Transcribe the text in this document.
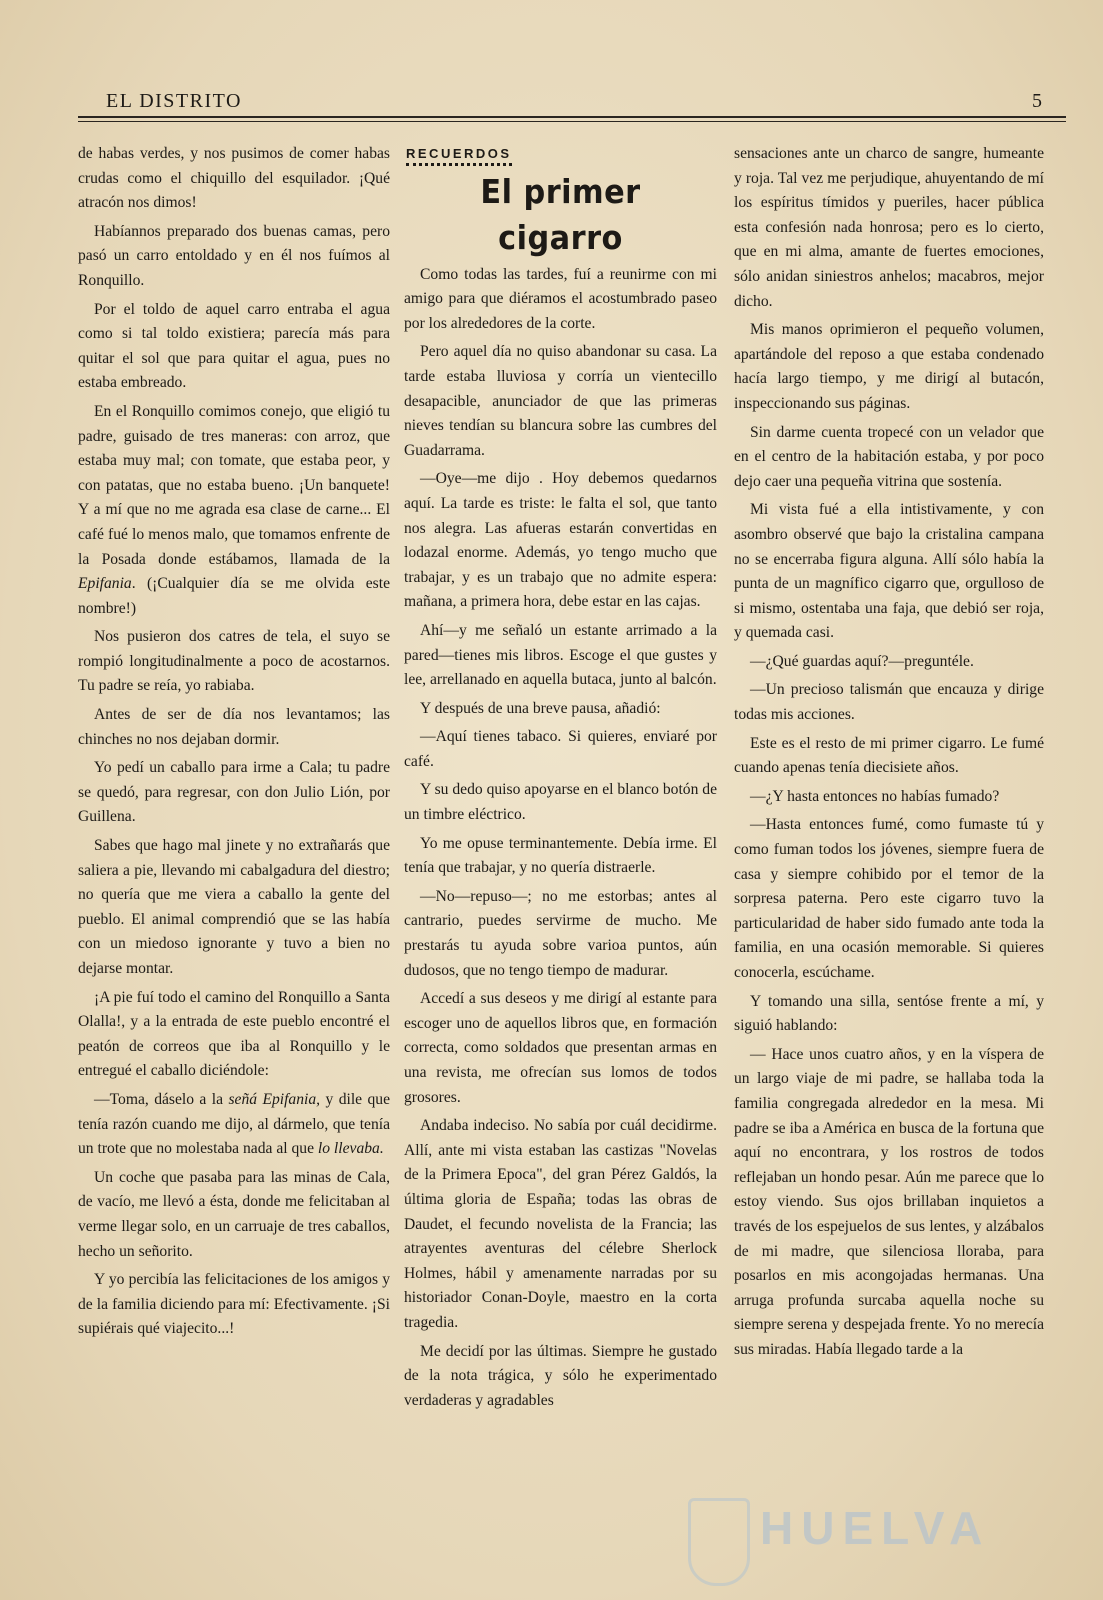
EL DISTRITO	5

de habas verdes, y nos pusimos de comer habas crudas como el chiquillo del esquilador. ¡Qué atracón nos dimos!

Habíannos preparado dos buenas camas, pero pasó un carro entoldado y en él nos fuímos al Ronquillo.

Por el toldo de aquel carro entraba el agua como si tal toldo existiera; parecía más para quitar el sol que para quitar el agua, pues no estaba embreado.

En el Ronquillo comimos conejo, que eligió tu padre, guisado de tres maneras: con arroz, que estaba muy mal; con tomate, que estaba peor, y con patatas, que no estaba bueno. ¡Un banquete! Y a mí que no me agrada esa clase de carne... El café fué lo menos malo, que tomamos enfrente de la Posada donde estábamos, llamada de la Epifania. (¡Cualquier día se me olvida este nombre!)

Nos pusieron dos catres de tela, el suyo se rompió longitudinalmente a poco de acostarnos. Tu padre se reía, yo rabiaba.

Antes de ser de día nos levantamos; las chinches no nos dejaban dormir.

Yo pedí un caballo para irme a Cala; tu padre se quedó, para regresar, con don Julio Lión, por Guillena.

Sabes que hago mal jinete y no extrañarás que saliera a pie, llevando mi cabalgadura del diestro; no quería que me viera a caballo la gente del pueblo. El animal comprendió que se las había con un miedoso ignorante y tuvo a bien no dejarse montar.

¡A pie fuí todo el camino del Ronquillo a Santa Olalla!, y a la entrada de este pueblo encontré el peatón de correos que iba al Ronquillo y le entregué el caballo diciéndole:

—Toma, dáselo a la señá Epifania, y dile que tenía razón cuando me dijo, al dármelo, que tenía un trote que no molestaba nada al que lo llevaba.

Un coche que pasaba para las minas de Cala, de vacío, me llevó a ésta, donde me felicitaban al verme llegar solo, en un carruaje de tres caballos, hecho un señorito.

Y yo percibía las felicitaciones de los amigos y de la familia diciendo para mí: Efectivamente. ¡Si supiérais qué viajecito...!

RECUERDOS
El primer cigarro

Como todas las tardes, fuí a reunirme con mi amigo para que diéramos el acostumbrado paseo por los alrededores de la corte.

Pero aquel día no quiso abandonar su casa. La tarde estaba lluviosa y corría un vientecillo desapacible, anunciador de que las primeras nieves tendían su blancura sobre las cumbres del Guadarrama.

—Oye—me dijo . Hoy debemos quedarnos aquí. La tarde es triste: le falta el sol, que tanto nos alegra. Las afueras estarán convertidas en lodazal enorme. Además, yo tengo mucho que trabajar, y es un trabajo que no admite espera: mañana, a primera hora, debe estar en las cajas.

Ahí—y me señaló un estante arrimado a la pared—tienes mis libros. Escoge el que gustes y lee, arrellanado en aquella butaca, junto al balcón.

Y después de una breve pausa, añadió:

—Aquí tienes tabaco. Si quieres, enviaré por café.

Y su dedo quiso apoyarse en el blanco botón de un timbre eléctrico.

Yo me opuse terminantemente. Debía irme. El tenía que trabajar, y no quería distraerle.

—No—repuso—; no me estorbas; antes al cantrario, puedes servirme de mucho. Me prestarás tu ayuda sobre varioa puntos, aún dudosos, que no tengo tiempo de madurar.

Accedí a sus deseos y me dirigí al estante para escoger uno de aquellos libros que, en formación correcta, como soldados que presentan armas en una revista, me ofrecían sus lomos de todos grosores.

Andaba indeciso. No sabía por cuál decidirme. Allí, ante mi vista estaban las castizas "Novelas de la Primera Epoca", del gran Pérez Galdós, la última gloria de España; todas las obras de Daudet, el fecundo novelista de la Francia; las atrayentes aventuras del célebre Sherlock Holmes, hábil y amenamente narradas por su historiador Conan-Doyle, maestro en la corta tragedia.

Me decidí por las últimas. Siempre he gustado de la nota trágica, y sólo he experimentado verdaderas y agradables

sensaciones ante un charco de sangre, humeante y roja. Tal vez me perjudique, ahuyentando de mí los espíritus tímidos y pueriles, hacer pública esta confesión nada honrosa; pero es lo cierto, que en mi alma, amante de fuertes emociones, sólo anidan siniestros anhelos; macabros, mejor dicho.

Mis manos oprimieron el pequeño volumen, apartándole del reposo a que estaba condenado hacía largo tiempo, y me dirigí al butacón, inspeccionando sus páginas.

Sin darme cuenta tropecé con un velador que en el centro de la habitación estaba, y por poco dejo caer una pequeña vitrina que sostenía.

Mi vista fué a ella intistivamente, y con asombro observé que bajo la cristalina campana no se encerraba figura alguna. Allí sólo había la punta de un magnífico cigarro que, orgulloso de si mismo, ostentaba una faja, que debió ser roja, y quemada casi.

—¿Qué guardas aquí?—preguntéle.

—Un precioso talismán que encauza y dirige todas mis acciones.

Este es el resto de mi primer cigarro. Le fumé cuando apenas tenía diecisiete años.

—¿Y hasta entonces no habías fumado?

—Hasta entonces fumé, como fumaste tú y como fuman todos los jóvenes, siempre fuera de casa y siempre cohibido por el temor de la sorpresa paterna. Pero este cigarro tuvo la particularidad de haber sido fumado ante toda la familia, en una ocasión memorable. Si quieres conocerla, escúchame.

Y tomando una silla, sentóse frente a mí, y siguió hablando:

— Hace unos cuatro años, y en la víspera de un largo viaje de mi padre, se hallaba toda la familia congregada alrededor en la mesa. Mi padre se iba a América en busca de la fortuna que aquí no encontrara, y los rostros de todos reflejaban un hondo pesar. Aún me parece que lo estoy viendo. Sus ojos brillaban inquietos a través de los espejuelos de sus lentes, y alzábalos de mi madre, que silenciosa lloraba, para posarlos en mis acongojadas hermanas. Una arruga profunda surcaba aquella noche su siempre serena y despejada frente. Yo no merecía sus miradas. Había llegado tarde a la

HUELVA
